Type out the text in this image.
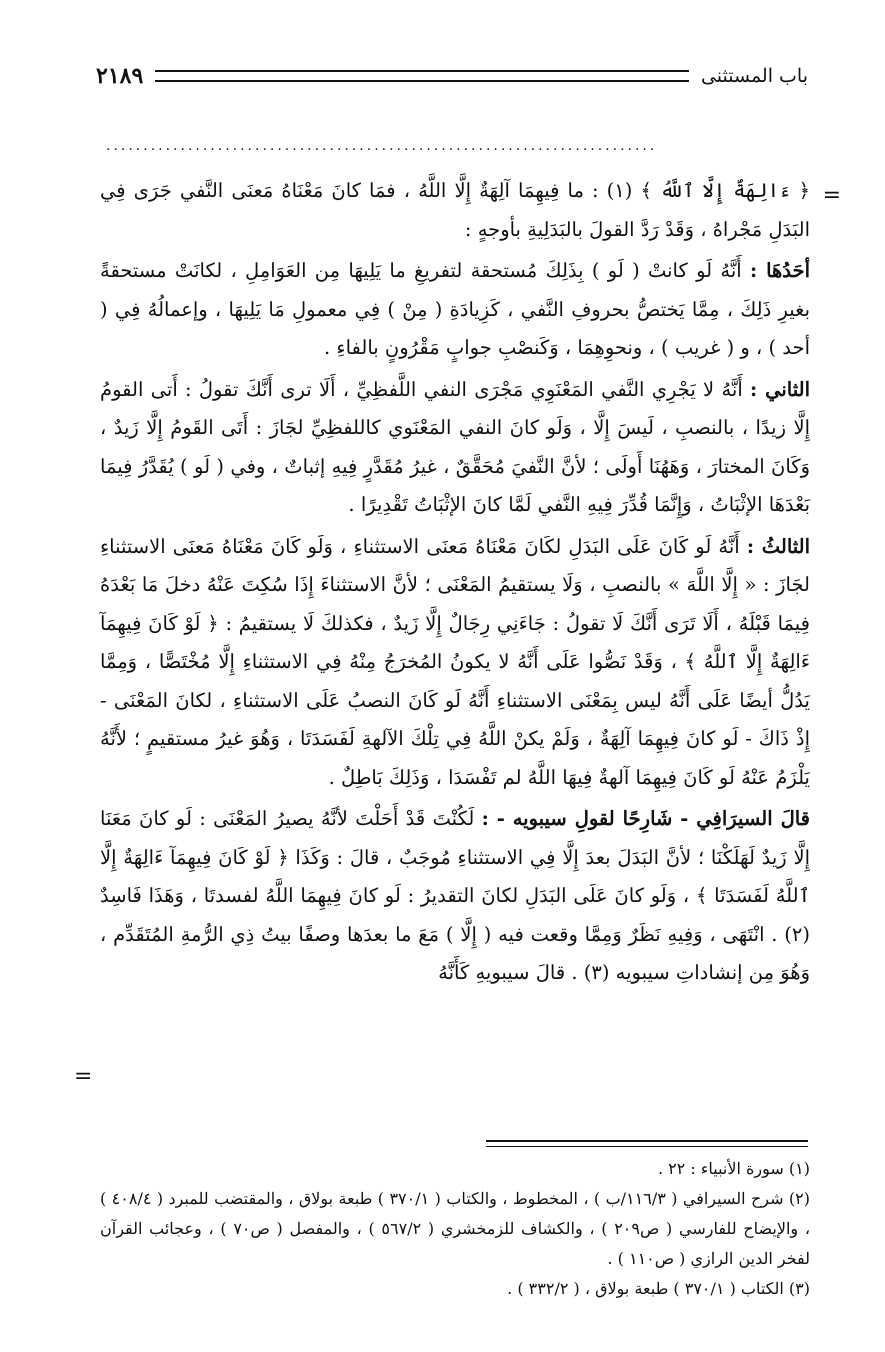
باب المستثنى
٢١٨٩
..........................................................................
=

﴿ ءَالِهَةٌ إِلَّا ٱللَّهُ ﴾ (١) : ما فِيهِمَا آلِهَةٌ إِلَّا اللَّهُ ، فمَا كانَ مَعْنَاهُ مَعنَى النَّفي جَرَى فِي البَدَلِ مَجْراهُ ، وَقَدْ رَدَّ القولَ بالبَدَلِيةِ بأوجهٍ :

أحَدُهَا : أَنَّهُ لَو كانتْ ( لَو ) بِذَلِكَ مُستحقة لتفريغِ ما يَلِيهَا مِن العَوَامِلِ ، لكانَتْ مستحقةً بغيرِ ذَلِكَ ، مِمَّا يَختصُّ بحروفِ النَّفي ، كَزِيادَةِ ( مِنْ ) فِي معمولِ مَا يَلِيهَا ، وإعمالُهُ فِي ( أحد ) ، و ( غريب ) ، ونحوِهِمَا ، وَكَنصْبِ جوابٍ مَقْرُونٍ بالفاءِ .

الثاني : أَنَّهُ لا يَجْرِي النَّفي المَعْنَوِي مَجْرَى النفي اللَّفظِيِّ ، أَلَا ترى أَنَّكَ تقولُ : أَتى القومُ إِلَّا زيدًا ، بالنصبِ ، لَيسَ إِلَّا ، وَلَو كانَ النفي المَعْنَوي كاللفظِيِّ لجَازَ : أَتَى القَومُ إِلَّا زَيدٌ ، وَكَانَ المختارَ ، وَهَهُنَا أَولَى ؛ لأنَّ النَّفيَ مُحَقَّقٌ ، غيرُ مُقَدَّرٍ فِيهِ إثباتٌ ، وفي ( لَو ) يُقَدَّرُ فِيمَا بَعْدَهَا الإثْبَاتُ ، وَإِنَّمَا قُدِّرَ فِيهِ النَّفي لَمَّا كانَ الإثْبَاتُ تَقْدِيرًا .

الثالثُ : أَنَّهُ لَو كَانَ عَلَى البَدَلِ لكَانَ مَعْنَاهُ مَعنَى الاستثناءِ ، وَلَو كَانَ مَعْنَاهُ مَعنَى الاستثناءِ لجَازَ : « إِلَّا اللَّهَ » بالنصبِ ، وَلَا يستقيمُ المَعْنَى ؛ لأنَّ الاستثناءَ إِذَا سُكِتَ عَنْهُ دخلَ مَا بَعْدَهُ فِيمَا قَبْلَهُ ، أَلَا تَرَى أَنَّكَ لَا تقولُ : جَاءَنِي رِجَالٌ إِلَّا زَيدٌ ، فكذلكَ لَا يستقيمُ : ﴿ لَوْ كَانَ فِيهِمَآ ءَالِهَةٌ إِلَّا ٱللَّهُ ﴾ ، وَقَدْ نَصُّوا عَلَى أَنَّهُ لا يكونُ المُخرَجُ مِنْهُ فِي الاستثناءِ إِلَّا مُخْتَصًّا ، وَمِمَّا يَدُلُّ أيضًا عَلَى أَنَّهُ ليس بِمَعْنَى الاستثناءِ أَنَّهُ لَو كَانَ النصبُ عَلَى الاستثناءِ ، لكانَ المَعْنَى - إِذْ ذَاكَ - لَو كانَ فِيهِمَا آلِهَةٌ ، وَلَمْ يكنْ اللَّهُ فِي تِلْكَ الآلهةِ لَفَسَدَتَا ، وَهُوَ غيرُ مستقيمٍ ؛ لأَنَّهُ يَلْزَمُ عَنْهُ لَو كَانَ فِيهِمَا آلهةٌ فِيهَا اللَّهُ لم تَفْسَدَا ، وَذَلِكَ بَاطِلٌ .

قالَ السيرَافِي - شَارِحًا لقولِ سيبويه - : لَكُنْتَ قَدْ أَحَلْتَ لأنَّهُ يصيرُ المَعْنَى : لَو كانَ مَعَنَا إِلَّا زَيدٌ لَهَلَكْنَا ؛ لأنَّ البَدَلَ بعدَ إِلَّا فِي الاستثناءِ مُوجَبٌ ، قالَ : وَكَذَا ﴿ لَوْ كَانَ فِيهِمَآ ءَالِهَةٌ إِلَّا ٱللَّهُ لَفَسَدَتَا ﴾ ، وَلَو كانَ عَلَى البَدَلِ لكانَ التقديرُ : لَو كانَ فِيهِمَا اللَّهُ لفسدتَا ، وَهَذَا فَاسِدٌ (٢) . انْتَهَى ، وَفِيهِ نَظَرٌ وَمِمَّا وقعت فيه ( إِلَّا ) مَعَ ما بعدَها وصفًا بيتُ ذِي الرُّمةِ المُتَقَدِّم ، وَهُوَ مِن إنشاداتِ سيبويه (٣) . قالَ سيبويهِ كَأَنَّهُ

=

(١) سورة الأنبياء : ٢٢ .

(٢) شرح السيرافي ( ١١٦/٣/ب ) ، المخطوط ، والكتاب ( ٣٧٠/١ ) طبعة بولاق ، والمقتضب للمبرد ( ٤٠٨/٤ ) ، والإيضاح للفارسي ( ص٢٠٩ ) ، والكشاف للزمخشري ( ٥٦٧/٢ ) ، والمفصل ( ص٧٠ ) ، وعجائب القرآن لفخر الدين الرازي ( ص١١٠ ) .

(٣) الكتاب ( ٣٧٠/١ ) طبعة بولاق ، ( ٣٣٢/٢ ) .
